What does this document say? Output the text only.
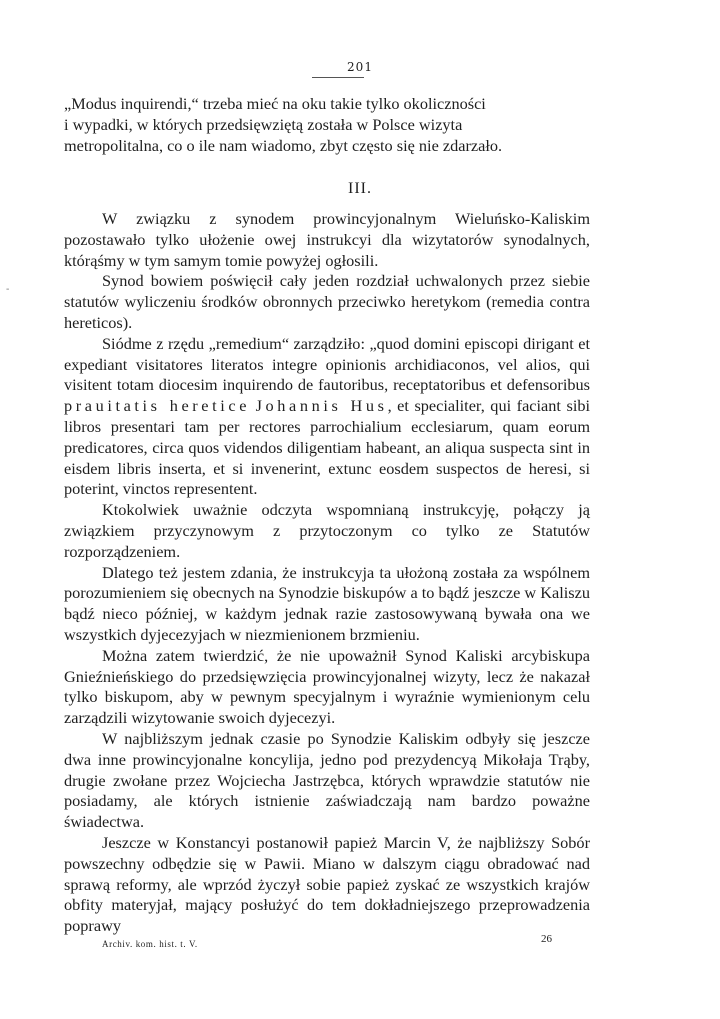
201
-

„Modus inquirendi,“ trzeba mieć na oku takie tylko okoliczności

i wypadki, w których przedsięwziętą została w Polsce wizyta

metropolitalna, co o ile nam wiadomo, zbyt często się nie zdarzało.

III.

W związku z synodem prowincyjonalnym Wieluńsko-Kaliskim pozostawało tylko ułożenie owej instrukcyi dla wizytatorów synodalnych, którąśmy w tym samym tomie powyżej ogłosili.

Synod bowiem poświęcił cały jeden rozdział uchwalonych przez siebie statutów wyliczeniu środków obronnych przeciwko heretykom (remedia contra hereticos).

Siódme z rzędu „remedium“ zarządziło: „quod domini episcopi dirigant et expediant visitatores literatos integre opinionis archidiaconos, vel alios, qui visitent totam diocesim inquirendo de fautoribus, receptatoribus et defensoribus prauitatis heretice Johannis Hus, et specialiter, qui faciant sibi libros presentari tam per rectores parrochialium ecclesiarum, quam eorum predicatores, circa quos videndos diligentiam habeant, an aliqua suspecta sint in eisdem libris inserta, et si invenerint, extunc eosdem suspectos de heresi, si poterint, vinctos representent.

Ktokolwiek uważnie odczyta wspomnianą instrukcyję, połączy ją związkiem przyczynowym z przytoczonym co tylko ze Statutów rozporządzeniem.

Dlatego też jestem zdania, że instrukcyja ta ułożoną została za wspólnem porozumieniem się obecnych na Synodzie biskupów a to bądź jeszcze w Kaliszu bądź nieco później, w każdym jednak razie zastosowywaną bywała ona we wszystkich dyjecezyjach w niezmienionem brzmieniu.

Można zatem twierdzić, że nie upoważnił Synod Kaliski arcybiskupa Gnieźnieńskiego do przedsięwzięcia prowincyjonalnej wizyty, lecz że nakazał tylko biskupom, aby w pewnym specyjalnym i wyraźnie wymienionym celu zarządzili wizytowanie swoich dyjecezyi.

W najbliższym jednak czasie po Synodzie Kaliskim odbyły się jeszcze dwa inne prowincyjonalne koncylija, jedno pod prezydencyą Mikołaja Trąby, drugie zwołane przez Wojciecha Jastrzębca, których wprawdzie statutów nie posiadamy, ale których istnienie zaświadczają nam bardzo poważne świadectwa.

Jeszcze w Konstancyi postanowił papież Marcin V, że najbliższy Sobór powszechny odbędzie się w Pawii. Miano w dalszym ciągu obradować nad sprawą reformy, ale wprzód życzył sobie papież zyskać ze wszystkich krajów obfity materyjał, mający posłużyć do tem dokładniejszego przeprowadzenia poprawy

Archiv. kom. hist. t. V.	26
